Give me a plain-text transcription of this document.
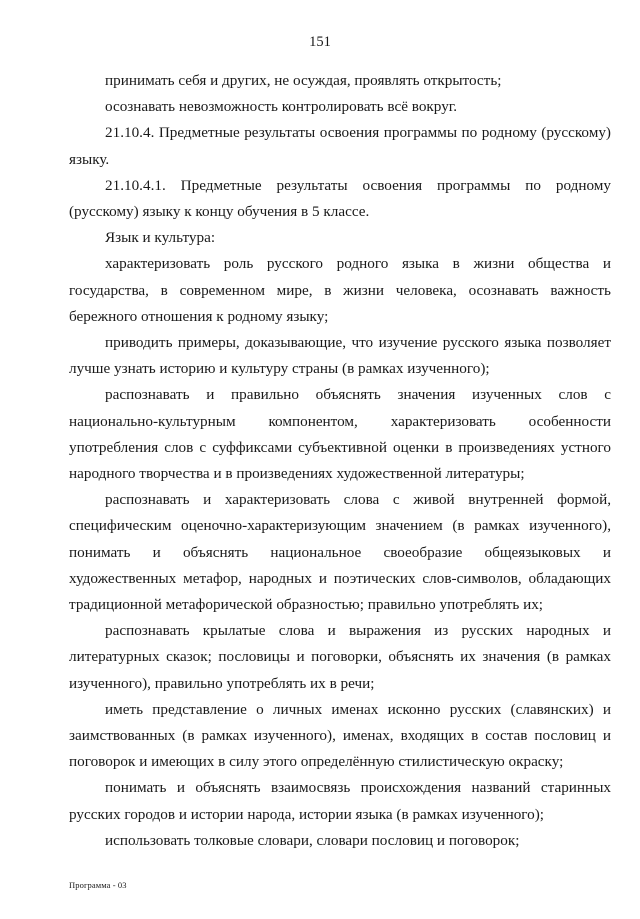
151

принимать себя и других, не осуждая, проявлять открытость;

осознавать невозможность контролировать всё вокруг.

21.10.4. Предметные результаты освоения программы по родному (русскому) языку.

21.10.4.1. Предметные результаты освоения программы по родному (русскому) языку к концу обучения в 5 классе.

Язык и культура:

характеризовать роль русского родного языка в жизни общества и государства, в современном мире, в жизни человека, осознавать важность бережного отношения к родному языку;

приводить примеры, доказывающие, что изучение русского языка позволяет лучше узнать историю и культуру страны (в рамках изученного);

распознавать и правильно объяснять значения изученных слов с национально-культурным компонентом, характеризовать особенности употребления слов с суффиксами субъективной оценки в произведениях устного народного творчества и в произведениях художественной литературы;

распознавать и характеризовать слова с живой внутренней формой, специфическим оценочно-характеризующим значением (в рамках изученного), понимать и объяснять национальное своеобразие общеязыковых и художественных метафор, народных и поэтических слов-символов, обладающих традиционной метафорической образностью; правильно употреблять их;

распознавать крылатые слова и выражения из русских народных и литературных сказок; пословицы и поговорки, объяснять их значения (в рамках изученного), правильно употреблять их в речи;

иметь представление о личных именах исконно русских (славянских) и заимствованных (в рамках изученного), именах, входящих в состав пословиц и поговорок и имеющих в силу этого определённую стилистическую окраску;

понимать и объяснять взаимосвязь происхождения названий старинных русских городов и истории народа, истории языка (в рамках изученного);

использовать толковые словари, словари пословиц и поговорок;

Программа - 03
